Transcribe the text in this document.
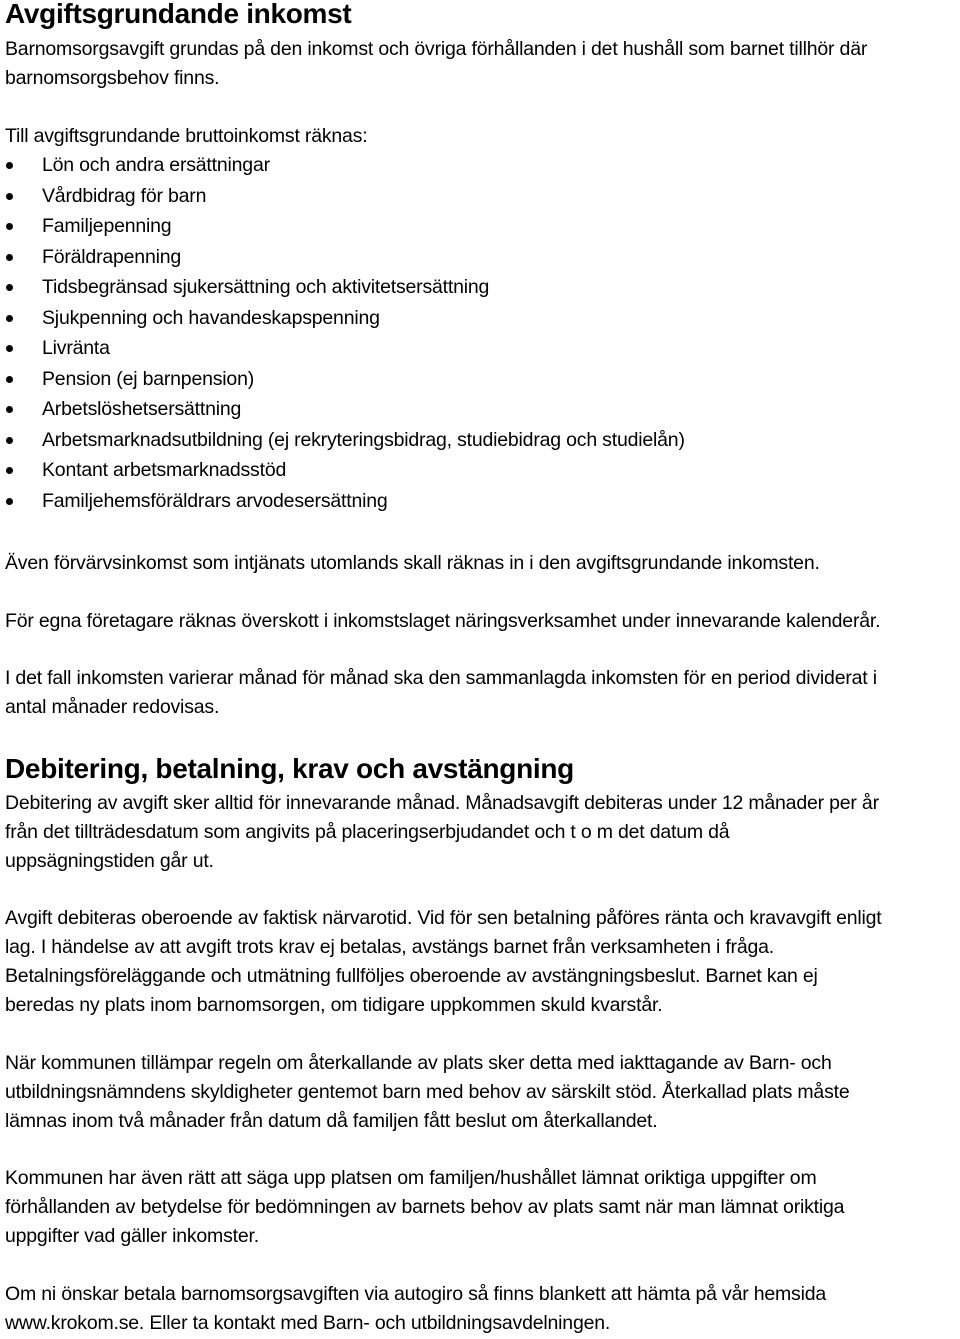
Avgiftsgrundande inkomst
Barnomsorgsavgift grundas på den inkomst och övriga förhållanden i det hushåll som barnet tillhör där
barnomsorgsbehov finns.
Till avgiftsgrundande bruttoinkomst räknas:
Lön och andra ersättningar
Vårdbidrag för barn
Familjepenning
Föräldrapenning
Tidsbegränsad sjukersättning och aktivitetsersättning
Sjukpenning och havandeskapspenning
Livränta
Pension (ej barnpension)
Arbetslöshetsersättning
Arbetsmarknadsutbildning (ej rekryteringsbidrag, studiebidrag och studielån)
Kontant arbetsmarknadsstöd
Familjehemsföräldrars arvodesersättning
Även förvärvsinkomst som intjänats utomlands skall räknas in i den avgiftsgrundande inkomsten.
För egna företagare räknas överskott i inkomstslaget näringsverksamhet under innevarande kalenderår.
I det fall inkomsten varierar månad för månad ska den sammanlagda inkomsten för en period dividerat i
antal månader redovisas.
Debitering, betalning, krav och avstängning
Debitering av avgift sker alltid för innevarande månad. Månadsavgift debiteras under 12 månader per år
från det tillträdesdatum som angivits på placeringserbjudandet och t o m det datum då
uppsägningstiden går ut.
Avgift debiteras oberoende av faktisk närvarotid. Vid för sen betalning påföres ränta och kravavgift enligt
lag. I händelse av att avgift trots krav ej betalas, avstängs barnet från verksamheten i fråga.
Betalningsföreläggande och utmätning fullföljes oberoende av avstängningsbeslut. Barnet kan ej
beredas ny plats inom barnomsorgen, om tidigare uppkommen skuld kvarstår.
När kommunen tillämpar regeln om återkallande av plats sker detta med iakttagande av Barn- och
utbildningsnämndens skyldigheter gentemot barn med behov av särskilt stöd. Återkallad plats måste
lämnas inom två månader från datum då familjen fått beslut om återkallandet.
Kommunen har även rätt att säga upp platsen om familjen/hushållet lämnat oriktiga uppgifter om
förhållanden av betydelse för bedömningen av barnets behov av plats samt när man lämnat oriktiga
uppgifter vad gäller inkomster.
Om ni önskar betala barnomsorgsavgiften via autogiro så finns blankett att hämta på vår hemsida
www.krokom.se. Eller ta kontakt med Barn- och utbildningsavdelningen.
